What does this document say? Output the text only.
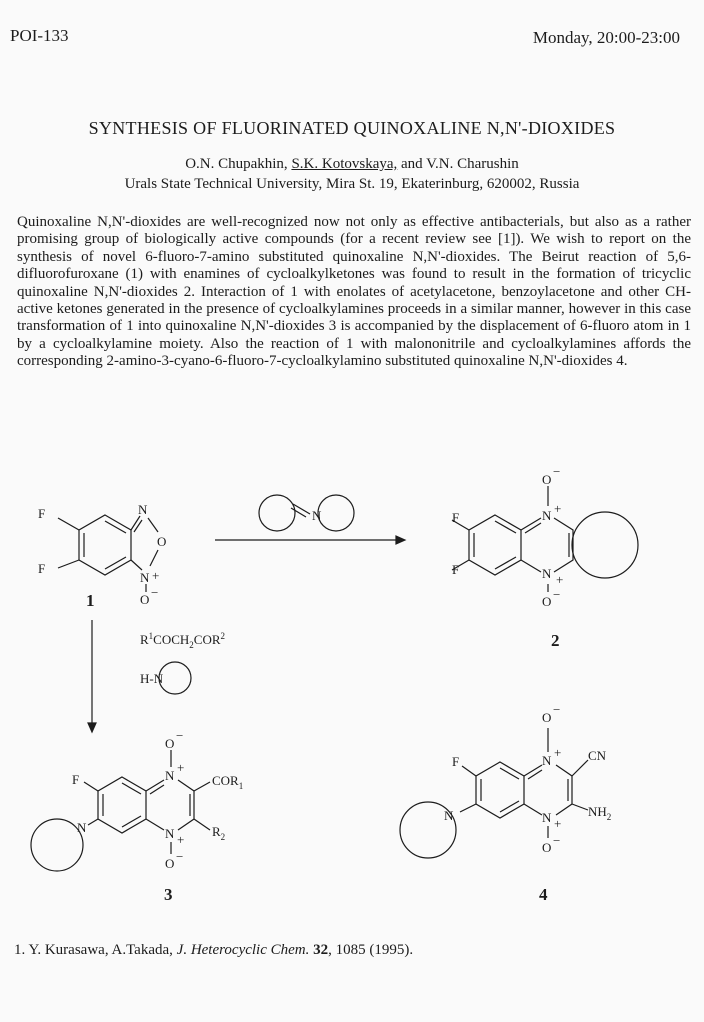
POI-133	Monday, 20:00-23:00
SYNTHESIS OF FLUORINATED QUINOXALINE N,N'-DIOXIDES
O.N. Chupakhin, S.K. Kotovskaya, and V.N. Charushin
Urals State Technical University, Mira St. 19, Ekaterinburg, 620002, Russia
Quinoxaline N,N'-dioxides are well-recognized now not only as effective antibacterials, but also as a rather promising group of biologically active compounds (for a recent review see [1]). We wish to report on the synthesis of novel 6-fluoro-7-amino substituted quinoxaline N,N'-dioxides. The Beirut reaction of 5,6-difluorofuroxane (1) with enamines of cycloalkylketones was found to result in the formation of tricyclic quinoxaline N,N'-dioxides 2. Interaction of 1 with enolates of acetylacetone, benzoylacetone and other CH-active ketones generated in the presence of cycloalkylamines proceeds in a similar manner, however in this case transformation of 1 into quinoxaline N,N'-dioxides 3 is accompanied by the displacement of 6-fluoro atom in 1 by a cycloalkylamine moiety. Also the reaction of 1 with malononitrile and cycloalkylamines affords the corresponding 2-amino-3-cyano-6-fluoro-7-cycloalkylamino substituted quinoxaline N,N'-dioxides 4.
F
F
N
O
N +
O −
1
N	F
F
N +
N +
O
−
O −
2
$R^1COCH_2COR^2$
H-N
F
N
N
+
N +
$COR_1$
$R_2$
O
−
O −
3
F
N
N
+
N +
CN
$NH_2$
O
−
O −
4
1. Y. Kurasawa, A.Takada, J. Heterocyclic Chem. 32, 1085 (1995).
